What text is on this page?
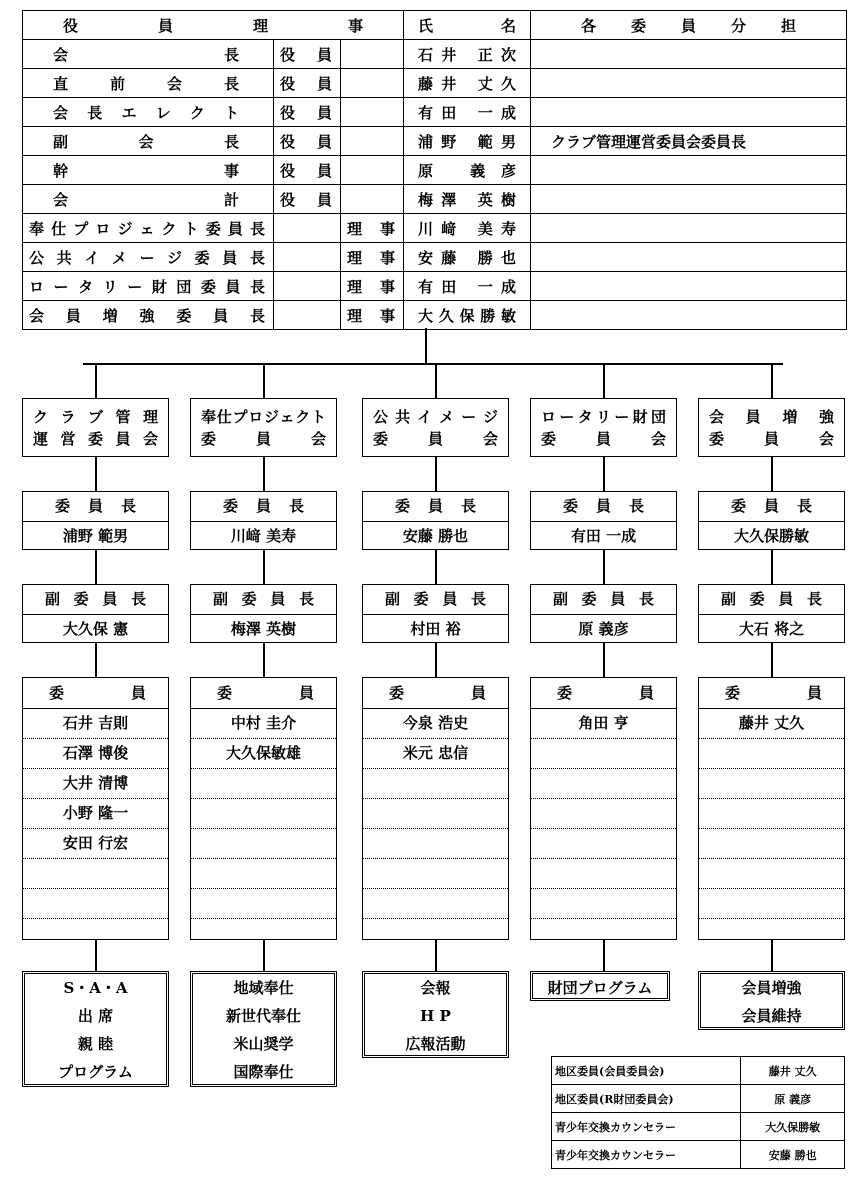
役 員 理 事			氏 名	各 委 員 分 担
会長	役員		石井 正次	
直前会長	役員		藤井 丈久	
会長エレクト	役員		有田 一成	
副会長	役員		浦野 範男	クラブ管理運営委員会委員長
幹事	役員		原 義彦	
会計	役員		梅澤 英樹	
奉仕プロジェクト委員長		理事	川﨑 美寿	
公共イメージ委員長		理事	安藤 勝也	
ロータリー財団委員長		理事	有田 一成	
会員増強委員長		理事	大久保勝敏	
クラブ管理
運営委員会
委員長
浦野 範男
副委員長
大久保 憲
委 員
石井 吉則
石澤 博俊
大井 清博
小野 隆一
安田 行宏
S・A・A
出 席
親 睦
プログラム
奉仕プロジェクト
委員会
委員長
川﨑 美寿
副委員長
梅澤 英樹
委 員
中村 圭介
大久保敏雄
地域奉仕
新世代奉仕
米山奨学
国際奉仕
公共イメージ
委員会
委員長
安藤 勝也
副委員長
村田 裕
委 員
今泉 浩史
米元 忠信
会報
H P
広報活動
ロータリー財団
委員会
委員長
有田 一成
副委員長
原 義彦
委 員
角田 亨
財団プログラム
会員増強
委員会
委員長
大久保勝敏
副委員長
大石 将之
委 員
藤井 丈久
会員増強
会員維持
地区委員(会員委員会)	藤井 丈久
地区委員(R財団委員会)	原 義彦
青少年交換カウンセラー	大久保勝敏
青少年交換カウンセラー	安藤 勝也
